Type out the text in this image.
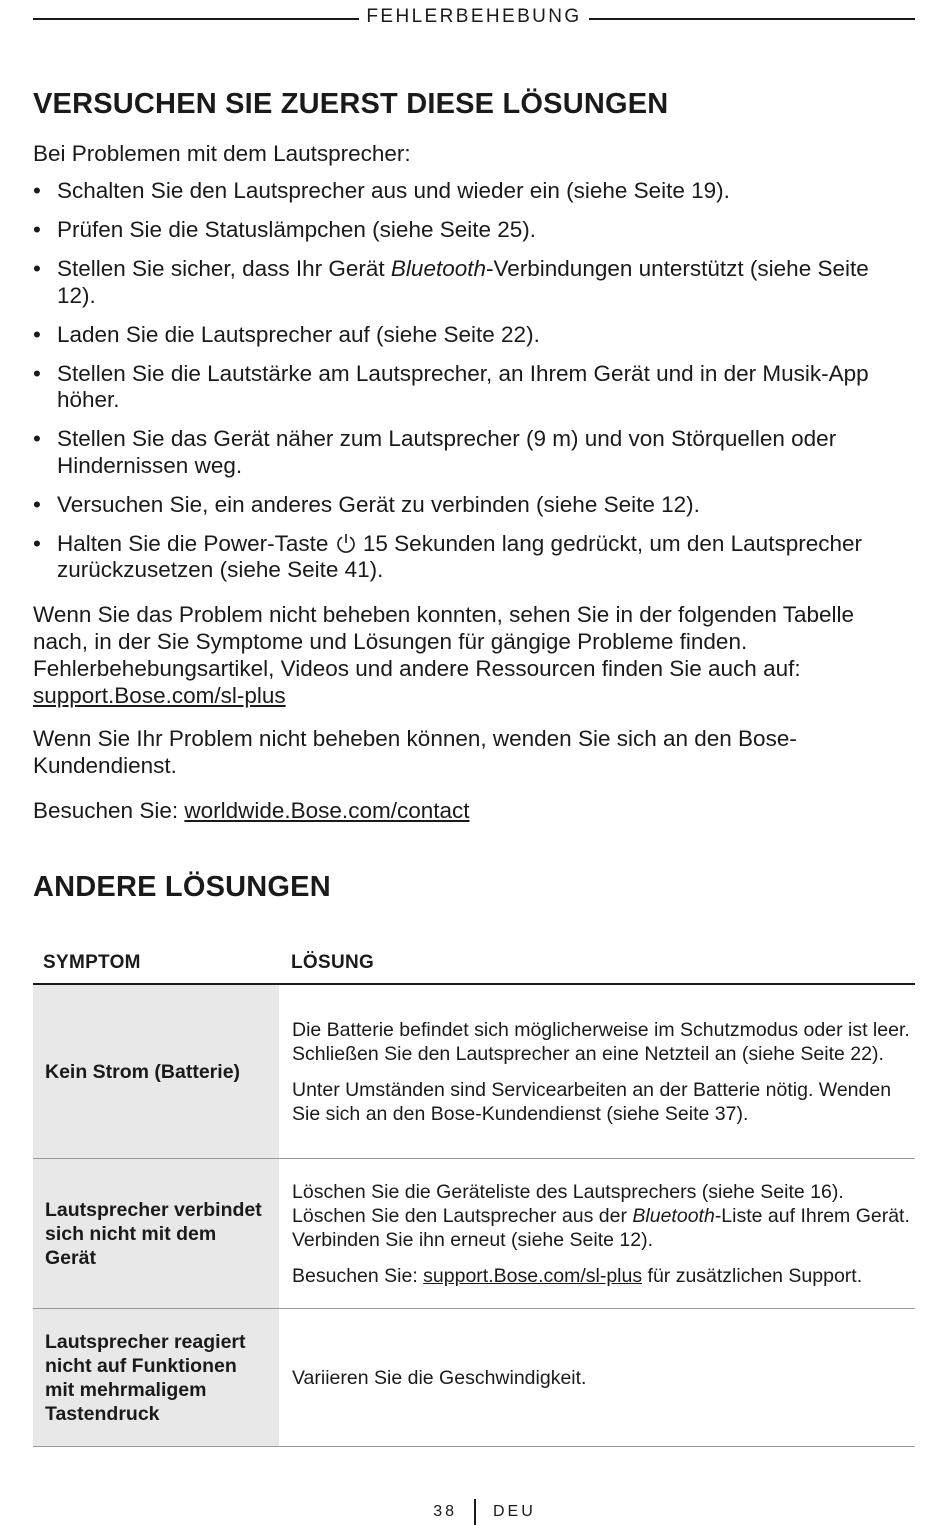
FEHLERBEHEBUNG
VERSUCHEN SIE ZUERST DIESE LÖSUNGEN

Bei Problemen mit dem Lautsprecher:

• Schalten Sie den Lautsprecher aus und wieder ein (siehe Seite 19).
• Prüfen Sie die Statuslämpchen (siehe Seite 25).
• Stellen Sie sicher, dass Ihr Gerät Bluetooth-Verbindungen unterstützt (siehe Seite 12).
• Laden Sie die Lautsprecher auf (siehe Seite 22).
• Stellen Sie die Lautstärke am Lautsprecher, an Ihrem Gerät und in der Musik-App höher.
• Stellen Sie das Gerät näher zum Lautsprecher (9 m) und von Störquellen oder Hindernissen weg.
• Versuchen Sie, ein anderes Gerät zu verbinden (siehe Seite 12).
• Halten Sie die Power-Taste  15 Sekunden lang gedrückt, um den Lautsprecher zurückzusetzen (siehe Seite 41).

Wenn Sie das Problem nicht beheben konnten, sehen Sie in der folgenden Tabelle nach, in der Sie Symptome und Lösungen für gängige Probleme finden. Fehlerbehebungsartikel, Videos und andere Ressourcen finden Sie auch auf:
support.Bose.com/sl-plus

Wenn Sie Ihr Problem nicht beheben können, wenden Sie sich an den Bose-Kundendienst.

Besuchen Sie: worldwide.Bose.com/contact

ANDERE LÖSUNGEN
SYMPTOM	LÖSUNG
Kein Strom (Batterie)

Die Batterie befindet sich möglicherweise im Schutzmodus oder ist leer. Schließen Sie den Lautsprecher an eine Netzteil an (siehe Seite 22).

Unter Umständen sind Servicearbeiten an der Batterie nötig. Wenden Sie sich an den Bose-Kundendienst (siehe Seite 37).

Lautsprecher verbindet sich nicht mit dem Gerät

Löschen Sie die Geräteliste des Lautsprechers (siehe Seite 16). Löschen Sie den Lautsprecher aus der Bluetooth-Liste auf Ihrem Gerät. Verbinden Sie ihn erneut (siehe Seite 12).

Besuchen Sie: support.Bose.com/sl-plus für zusätzlichen Support.

Lautsprecher reagiert nicht auf Funktionen mit mehrmaligem Tastendruck

Variieren Sie die Geschwindigkeit.

38 DEU
